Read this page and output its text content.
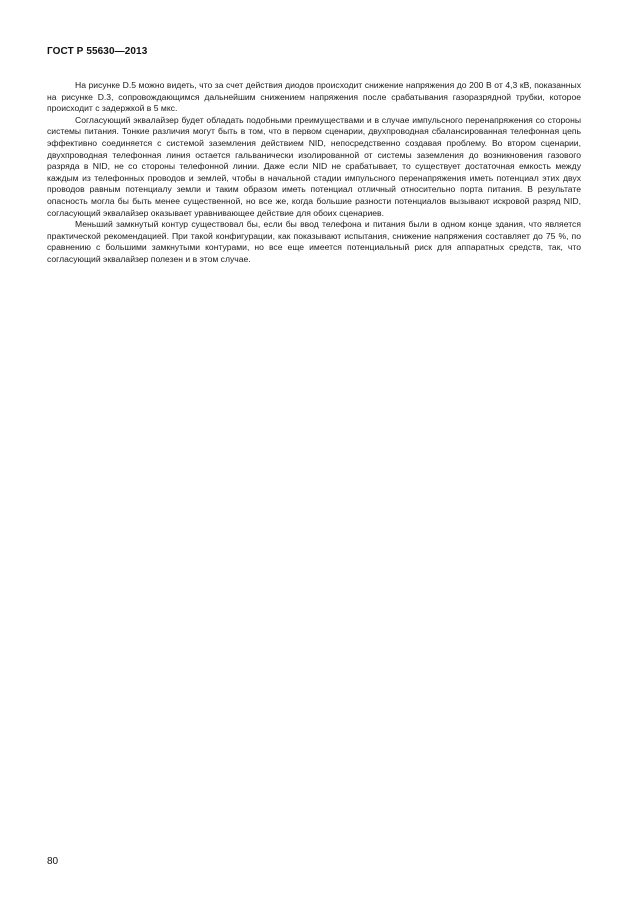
ГОСТ Р 55630—2013

На рисунке D.5 можно видеть, что за счет действия диодов происходит снижение напряжения до 200 В от 4,3 кВ, показанных на рисунке D.3, сопровождающимся дальнейшим снижением напряжения после срабатывания газоразрядной трубки, которое происходит с задержкой в 5 мкс.

Согласующий эквалайзер будет обладать подобными преимуществами и в случае импульсного перенапряжения со стороны системы питания. Тонкие различия могут быть в том, что в первом сценарии, двухпроводная сбалансированная телефонная цепь эффективно соединяется с системой заземления действием NID, непосредственно создавая проблему. Во втором сценарии, двухпроводная телефонная линия остается гальванически изолированной от системы заземления до возникновения газового разряда в NID, не со стороны телефонной линии. Даже если NID не срабатывает, то существует достаточная емкость между каждым из телефонных проводов и землей, чтобы в начальной стадии импульсного перенапряжения иметь потенциал этих двух проводов равным потенциалу земли и таким образом иметь потенциал отличный относительно порта питания. В результате опасность могла бы быть менее существенной, но все же, когда большие разности потенциалов вызывают искровой разряд NID, согласующий эквалайзер оказывает уравнивающее действие для обоих сценариев.

Меньший замкнутый контур существовал бы, если бы ввод телефона и питания были в одном конце здания, что является практической рекомендацией. При такой конфигурации, как показывают испытания, снижение напряжения составляет до 75 %, по сравнению с большими замкнутыми контурами, но все еще имеется потенциальный риск для аппаратных средств, так, что согласующий эквалайзер полезен и в этом случае.

80
